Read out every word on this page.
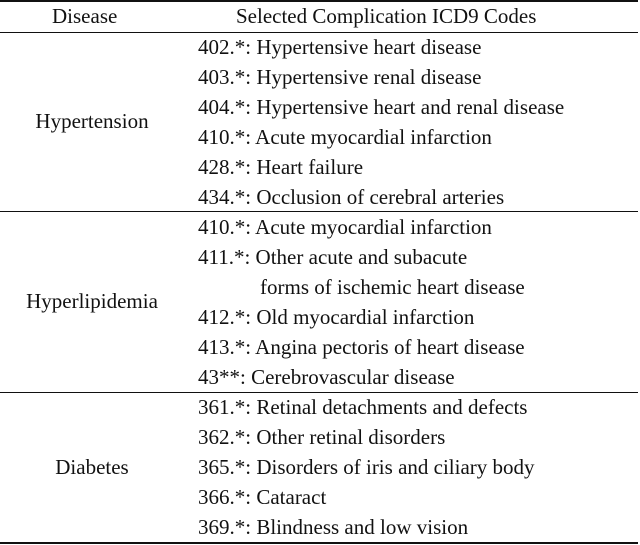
Disease	Selected Complication ICD9 Codes
Hypertension
402.*: Hypertensive heart disease
403.*: Hypertensive renal disease
404.*: Hypertensive heart and renal disease
410.*: Acute myocardial infarction
428.*: Heart failure
434.*: Occlusion of cerebral arteries
Hyperlipidemia
410.*: Acute myocardial infarction
411.*: Other acute and subacute
forms of ischemic heart disease
412.*: Old myocardial infarction
413.*: Angina pectoris of heart disease
43**: Cerebrovascular disease
Diabetes
361.*: Retinal detachments and defects
362.*: Other retinal disorders
365.*: Disorders of iris and ciliary body
366.*: Cataract
369.*: Blindness and low vision
